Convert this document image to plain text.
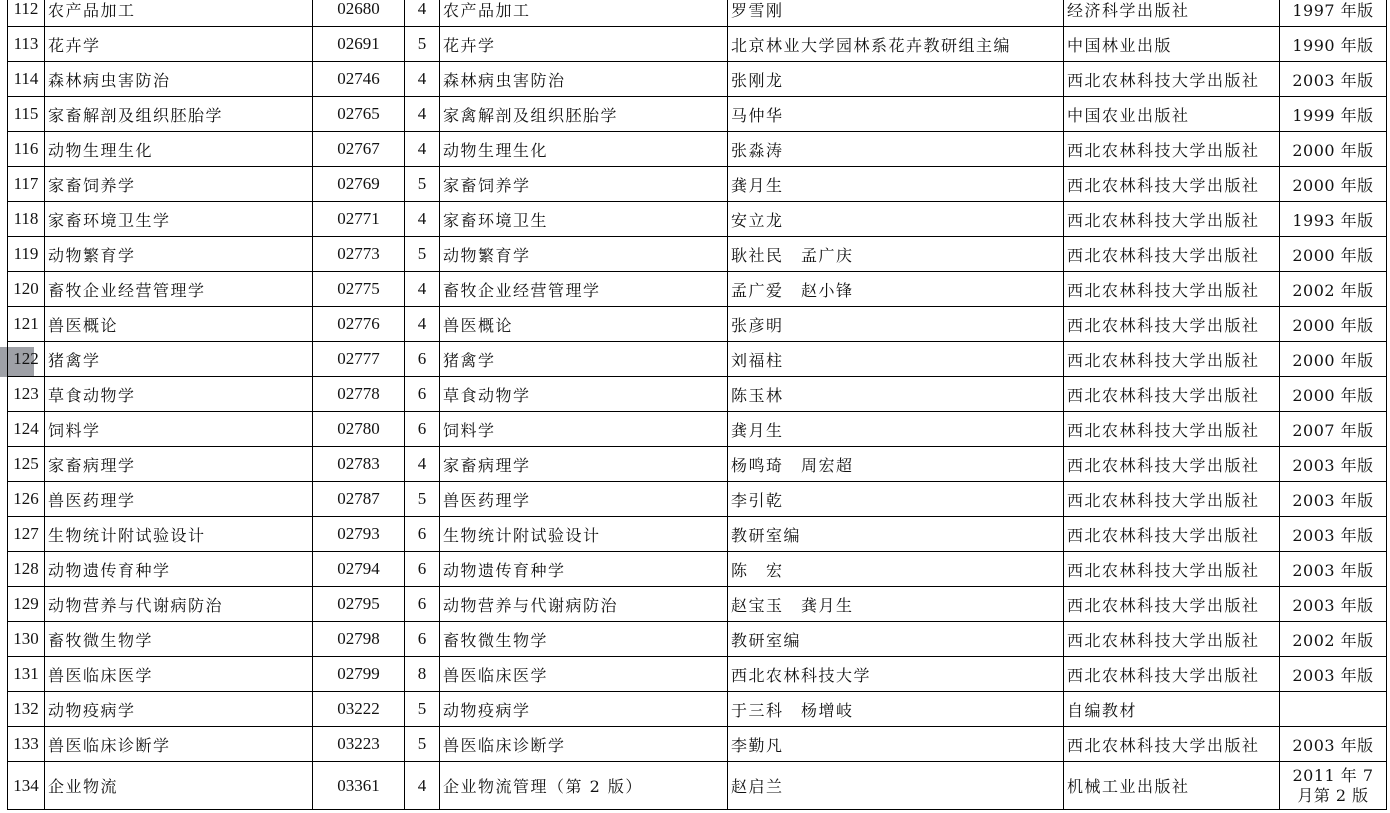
112	农产品加工	02680	4	农产品加工	罗雪刚	经济科学出版社	1997 年版
113	花卉学	02691	5	花卉学	北京林业大学园林系花卉教研组主编	中国林业出版	1990 年版
114	森林病虫害防治	02746	4	森林病虫害防治	张刚龙	西北农林科技大学出版社	2003 年版
115	家畜解剖及组织胚胎学	02765	4	家禽解剖及组织胚胎学	马仲华	中国农业出版社	1999 年版
116	动物生理生化	02767	4	动物生理生化	张淼涛	西北农林科技大学出版社	2000 年版
117	家畜饲养学	02769	5	家畜饲养学	龚月生	西北农林科技大学出版社	2000 年版
118	家畜环境卫生学	02771	4	家畜环境卫生	安立龙	西北农林科技大学出版社	1993 年版
119	动物繁育学	02773	5	动物繁育学	耿社民　孟广庆	西北农林科技大学出版社	2000 年版
120	畜牧企业经营管理学	02775	4	畜牧企业经营管理学	孟广爱　赵小锋	西北农林科技大学出版社	2002 年版
121	兽医概论	02776	4	兽医概论	张彦明	西北农林科技大学出版社	2000 年版
122	猪禽学	02777	6	猪禽学	刘福柱	西北农林科技大学出版社	2000 年版
123	草食动物学	02778	6	草食动物学	陈玉林	西北农林科技大学出版社	2000 年版
124	饲料学	02780	6	饲料学	龚月生	西北农林科技大学出版社	2007 年版
125	家畜病理学	02783	4	家畜病理学	杨鸣琦　周宏超	西北农林科技大学出版社	2003 年版
126	兽医药理学	02787	5	兽医药理学	李引乾	西北农林科技大学出版社	2003 年版
127	生物统计附试验设计	02793	6	生物统计附试验设计	教研室编	西北农林科技大学出版社	2003 年版
128	动物遗传育种学	02794	6	动物遗传育种学	陈　宏	西北农林科技大学出版社	2003 年版
129	动物营养与代谢病防治	02795	6	动物营养与代谢病防治	赵宝玉　龚月生	西北农林科技大学出版社	2003 年版
130	畜牧微生物学	02798	6	畜牧微生物学	教研室编	西北农林科技大学出版社	2002 年版
131	兽医临床医学	02799	8	兽医临床医学	西北农林科技大学	西北农林科技大学出版社	2003 年版
132	动物疫病学	03222	5	动物疫病学	于三科　杨增岐	自编教材	
133	兽医临床诊断学	03223	5	兽医临床诊断学	李勤凡	西北农林科技大学出版社	2003 年版
134	企业物流	03361	4	企业物流管理（第 2 版）	赵启兰	机械工业出版社	2011 年 7 月第 2 版
